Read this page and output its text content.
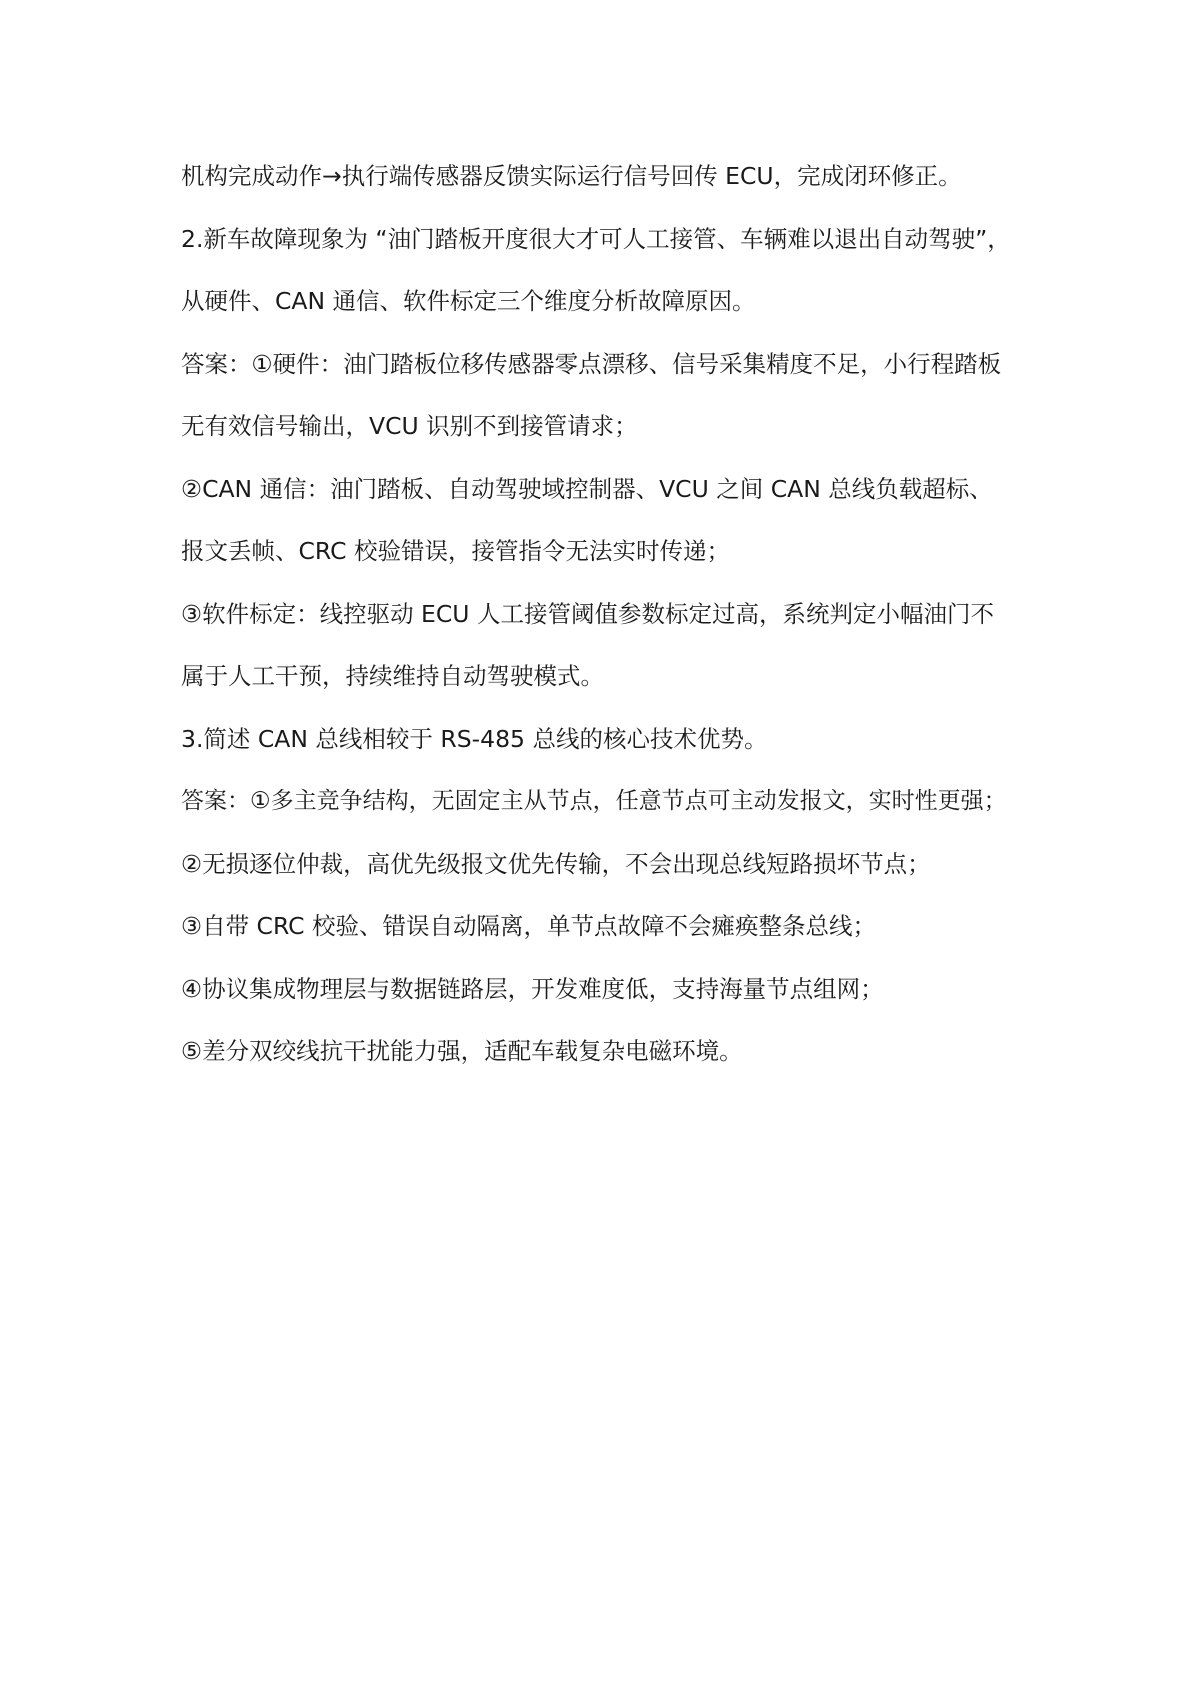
机构完成动作→执行端传感器反馈实际运行信号回传 ECU，完成闭环修正。
2.新车故障现象为 “油门踏板开度很大才可人工接管、车辆难以退出自动驾驶”，
从硬件、CAN 通信、软件标定三个维度分析故障原因。
答案：①硬件：油门踏板位移传感器零点漂移、信号采集精度不足，小行程踏板
无有效信号输出，VCU 识别不到接管请求；
②CAN 通信：油门踏板、自动驾驶域控制器、VCU 之间 CAN 总线负载超标、
报文丢帧、CRC 校验错误，接管指令无法实时传递；
③软件标定：线控驱动 ECU 人工接管阈值参数标定过高，系统判定小幅油门不
属于人工干预，持续维持自动驾驶模式。
3.简述 CAN 总线相较于 RS-485 总线的核心技术优势。
答案：①多主竞争结构，无固定主从节点，任意节点可主动发报文，实时性更强；
②无损逐位仲裁，高优先级报文优先传输，不会出现总线短路损坏节点；
③自带 CRC 校验、错误自动隔离，单节点故障不会瘫痪整条总线；
④协议集成物理层与数据链路层，开发难度低，支持海量节点组网；
⑤差分双绞线抗干扰能力强，适配车载复杂电磁环境。
